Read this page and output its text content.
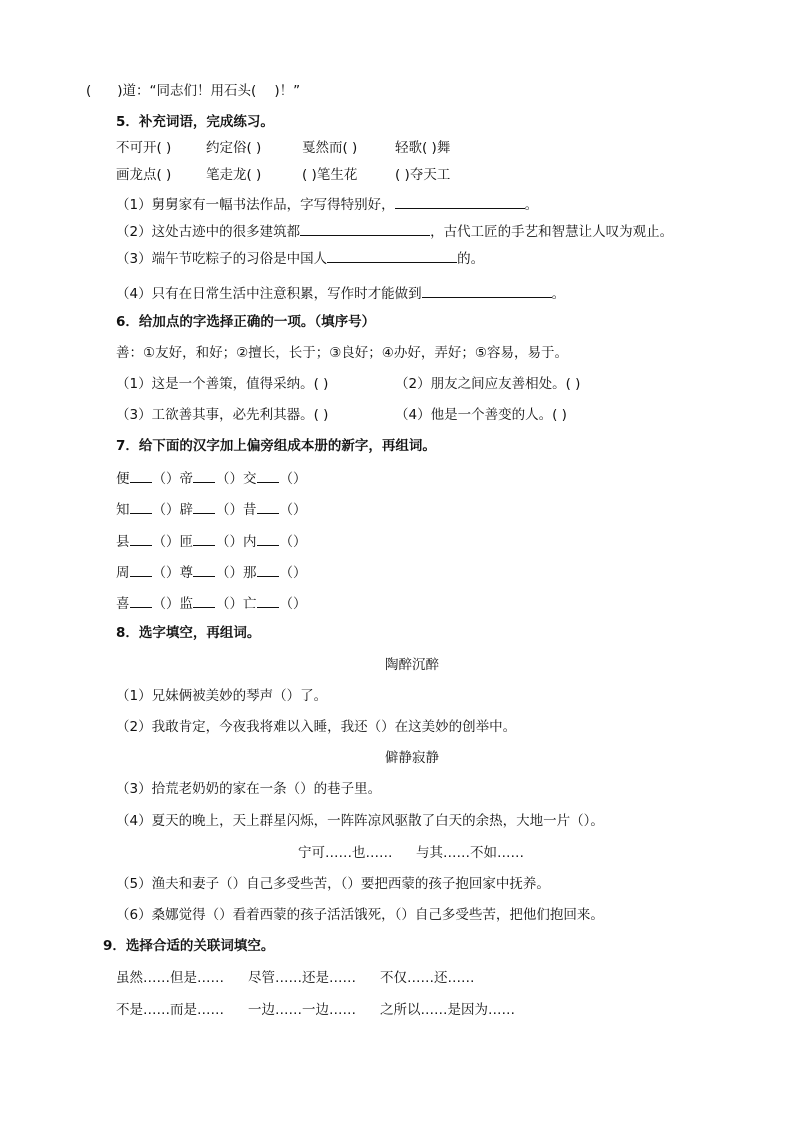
( )道：“同志们！用石头( )！”
5．补充词语，完成练习。
不可开( )	约定俗( )	戛然而( )	轻歌( )舞
画龙点( )	笔走龙( )	( )笔生花	( )夺天工
（1）舅舅家有一幅书法作品，字写得特别好，	。
（2）这处古迹中的很多建筑都	，古代工匠的手艺和智慧让人叹为观止。
（3）端午节吃粽子的习俗是中国人	的。
（4）只有在日常生活中注意积累，写作时才能做到	。
6．给加点的字选择正确的一项。（填序号）
善：①友好，和好；②擅长，长于；③良好；④办好，弄好；⑤容易，易于。
（1）这是一个善策，值得采纳。( )	（2）朋友之间应友善相处。( )
（3）工欲善其事，必先利其器。( )	（4）他是一个善变的人。( )
7．给下面的汉字加上偏旁组成本册的新字，再组词。
便 （）帝 （）交 （）
知 （）辟 （）昔 （）
县 （）匝 （）内 （）
周 （）尊 （）那 （）
喜 （）监 （）亡 （）
8．选字填空，再组词。
陶醉沉醉
（1）兄妹俩被美妙的琴声（）了。
（2）我敢肯定，今夜我将难以入睡，我还（）在这美妙的创举中。
僻静寂静
（3）拾荒老奶奶的家在一条（）的巷子里。
（4）夏天的晚上，天上群星闪烁，一阵阵凉风驱散了白天的余热，大地一片（）。
宁可……也…… 与其……不如……
（5）渔夫和妻子（）自己多受些苦，（）要把西蒙的孩子抱回家中抚养。
（6）桑娜觉得（）看着西蒙的孩子活活饿死，（）自己多受些苦，把他们抱回来。
9．选择合适的关联词填空。
虽然……但是…… 尽管……还是…… 不仅……还……
不是……而是…… 一边……一边…… 之所以……是因为……
